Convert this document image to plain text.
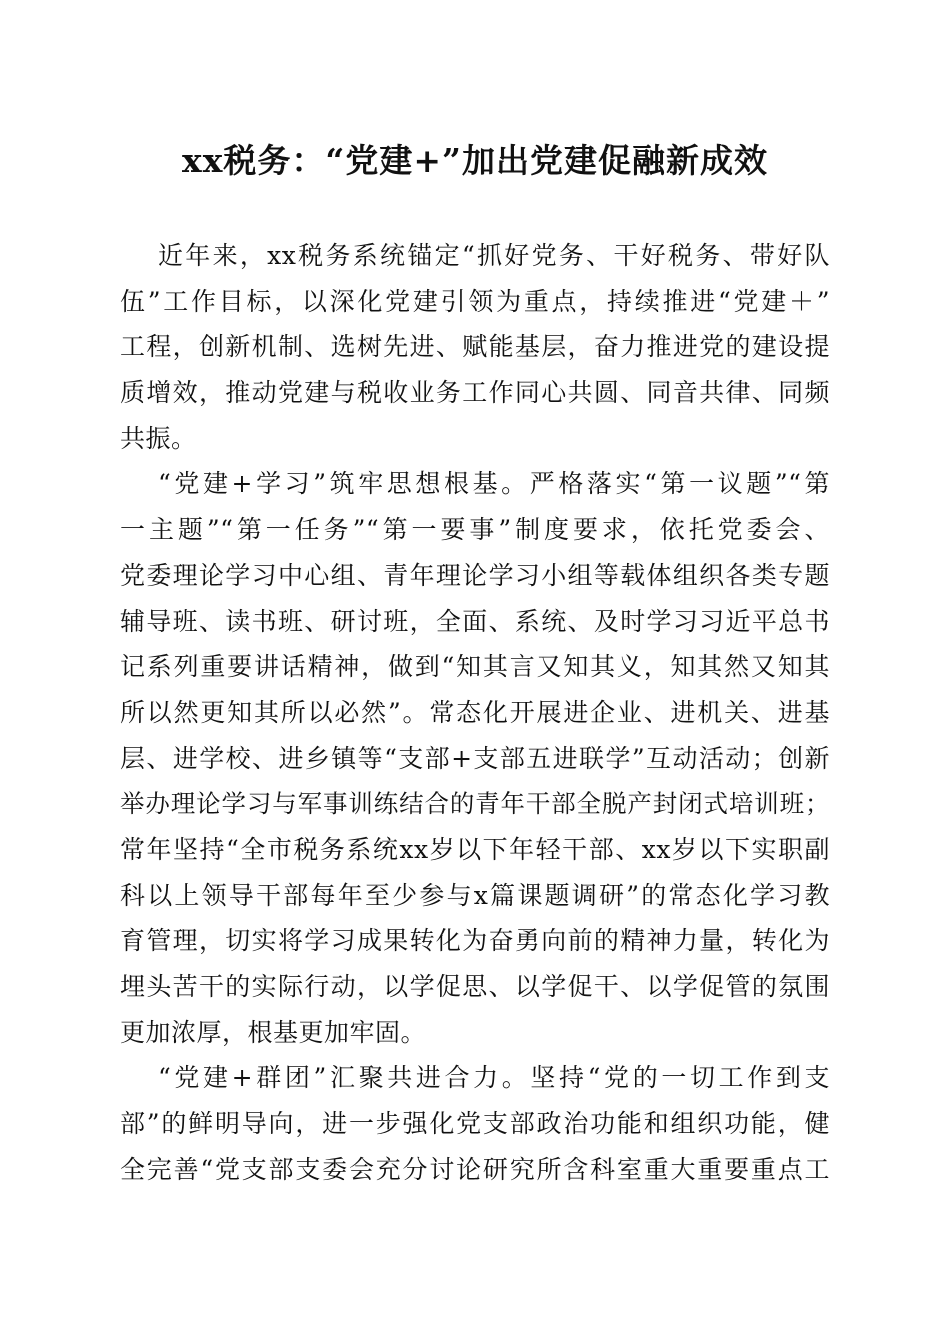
xx税务：“党建+”加出党建促融新成效
近年来，xx税务系统锚定“抓好党务、干好税务、带好队
伍”工作目标，以深化党建引领为重点，持续推进“党建＋”
工程，创新机制、选树先进、赋能基层，奋力推进党的建设提
质增效，推动党建与税收业务工作同心共圆、同音共律、同频
共振。
“党建+学习”筑牢思想根基。严格落实“第一议题”“第
一主题”“第一任务”“第一要事”制度要求，依托党委会、
党委理论学习中心组、青年理论学习小组等载体组织各类专题
辅导班、读书班、研讨班，全面、系统、及时学习习近平总书
记系列重要讲话精神，做到“知其言又知其义，知其然又知其
所以然更知其所以必然”。常态化开展进企业、进机关、进基
层、进学校、进乡镇等“支部+支部五进联学”互动活动；创新
举办理论学习与军事训练结合的青年干部全脱产封闭式培训班；
常年坚持“全市税务系统xx岁以下年轻干部、xx岁以下实职副
科以上领导干部每年至少参与x篇课题调研”的常态化学习教
育管理，切实将学习成果转化为奋勇向前的精神力量，转化为
埋头苦干的实际行动，以学促思、以学促干、以学促管的氛围
更加浓厚，根基更加牢固。
“党建+群团”汇聚共进合力。坚持“党的一切工作到支
部”的鲜明导向，进一步强化党支部政治功能和组织功能，健
全完善“党支部支委会充分讨论研究所含科室重大重要重点工
